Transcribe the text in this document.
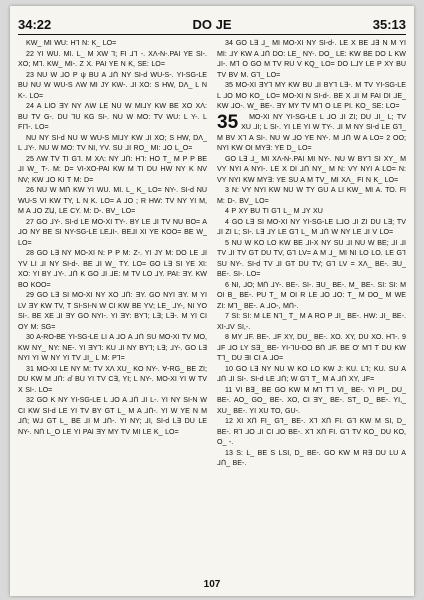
34:22	DO JE	35:13

KW_ MI WU: H⅂ N: K_ LO=

22 YI WU. MI. L_ M XW ⅂; FI ⅃⅂ -. XΛ-N-.PAI YE SI-. XO; M⅂. KW_ MI-. Z X. PAI YE N K, SE: LO=

23 NU W ⅃O P ψ BU A ⅃Ո NY SI-d WU-S-. YI-SG-LE BU NU W WU-S ΛW MI JY KW-. ⅃I XO: S HW, DΛ_ L N K-. LO=

24 A LIO ƎY NY ΛW LE NU W MI⅃Y KW BE XO XΛ: BU TV G-. DU ⅂U KG SI-. NU W MO: TV WU: L Y-. L FI⅂-. LO=

NU NY SI-d NU W WU-S MI⅃Y KW ⅃I XO; S HW, DΛ_ L ⅃Y-. NU W MO: TV NI, YV. SU ⅃I RO_ MI: ⅃O L_O=

25 ΛW TV TI G⅂. M XΛ: NY ⅃Ո: H⅂: HO T_ M P P BE ⅃I W_ T-. M: D= VI-XO-PAI KW M TI DU HW NY K NV NV; KW ⅃O KI T M: D=

26 NU W MՈ KW YI WU. MI. L_ K_ LO= NY-. SI-d NU WU-S VI KW TY, L N K. LO= A ⅃O ; R HW: TV NY YI M, M A ⅃O ZԱ, LE CY. M: D-. BV_ LO=

27 GO ⅃Y-. SI-d LE MO-XI TY-. BY LE ⅃I TV NU BO= A ⅃O NY BE SI NY-SG-LE LE⅃I-. BE⅃I XI YE KOO= BE W_ LO=

28 GO L∃ NY MO-XI N: P P M: Z-. YI JY M: DO LE ⅃I YV LI ⅃I NY SI-d-. BE ⅃I W_ TY. LO= GO L∃ SI YE XI: XO: YI BY ⅃Y-. ⅃Ո K GO ⅃I ⅃E: M TV LO ⅃Y. PAI: ƎY. KW BO KOO=

29 GO L∃ SI MO-XI NY XO ⅃Ո: ƎY. GO NYI ƎY. M YI LV ƎY KW TV, T SI-SI-N W CI KW BE YV; LE_ ⅃Y-, NI YO SI-. BE XE ⅃I ƎY GO NYI-. YI ƎY: BY⅂; L∃; L∃-. M YI CI OY M: SG=

30 A-RO-BE YI-SG-LE LI A ⅃O A ⅃Ո SU MO-XI TV MO, KW NY_ NY: NE-. YI ƎY⅂: KU ⅃I NY BY⅂; L∃; ⅃Y-. GO L∃ NYI YI W NY YI TV ⅃I_ L M: P⅂=

31 MO-XI LE NY M: TV XΛ XU_ KO NY-. ∀-RG_ BE ZI; DU KW M ⅃Ո: ⅆ BU YI TV C∃, YI; L NY-. MO-XI YI W TV X SI-. LO=

32 GO K NY YI-SG-LE L ⅃O A ⅃Ո ⅃I L-. YI NY SI-N W CI KW SI-d LE YI TV BY GT L_ M A ⅃Ո-. YI W YE N M ⅃Ո; W⅃ GT L_ BE ⅃I M ⅃Ո-. YI NY; ⅃I, SI-d L∃ DU LE NY-. NՈ L_O LE YI PAI ƎY MY TV MI LE K_ LO=

34 GO L∃ ⅃_ MI MO-XI NY SI-d-. LE X BE ⅃∃ N M YI MI: ⅃Y KW A ⅃Ո DO: LE_ NY-. DO_ LE: KW BE DO L KW ⅃I-. M⅂ O GO M TV RU V KQ_ LO= DO L⅃Y LE P XY BU TV BV M. G⅂_ LO=

35 MO-XI ƎY⅂ MY KW BU ⅃I BY⅂ L∃-. M TV YI-SG-LE L ⅃O MO KO_ LO= MO-XI N SI-d-. BE X ⅃I M FAI DI ⅃E_ KW ⅃O-. W_ BE-. ƎY MY TV M⅂ O LE PI. KO_ SE: LO=

35	MO-XI NY YI-SG-LE L ⅃O ⅃I ZI; DU ⅃I_ L; TV XU ⅃I; L SI-. YI LE YI W TY-. ⅃I M NY SI-d LE G⅂_ M BV X⅂ A SI-. NU W ⅃O YE NY-. M ⅃Ո W A LO= 2 OO; NYI KW OI MY∃: YE D_ LO=

GO L∃ ⅃_ MI XΛ-N-.PAI MI NY-. NU W BY⅂ SI XY_ M VY NYI A NYI-. LE X DI ⅃Ո NY_ M N: VY NYI A LO= N: VY NYI KW MY∃: YE SU A M TV_ MI XΛ_ FI N K_ LO=

3 N: VY NYI KW NU W TY GU A LI KW_ MI A. TO. FI M: D-. BV_ LO=

4 P XY BU TI G⅂ L_ M ⅃Y XU

4 GO L∃ SI MO-XI NY YI-SG-LE L⅃O ⅃I ZI DU L∃; TV ⅃I ZI L; SI-. L∃ ⅃Y LE G⅂ L_ M ⅃Ո W NY LE ⅃I V LO=

5 NU W KO LO KW BE ⅃I-X NY SU ⅃I NU W BE; ⅃I ⅃I TV ⅃I TV GT DU TV, G⅂ LV= A M ⅃_ MI NI LO LO. LE G⅂ SU NY-. SI-d TV ⅃I GT DU TV; G⅂ LV = XΛ_ BE-. ƎU_ BE-. SI-. LO=

6 NI, ⅃O; MՈ ⅃Y-. BE-. SI-. ƎU_ BE-. M_ BE-. SI: SI: M OI B_ BE-. PU T_ M OI R LE ⅃O ⅃O: T_ M DO_ M WE ZI: M⅂_ BE-. A ⅃O-, MՈ-.

7 SI: SI: M LE N⅂_ T_ M A RO P ⅃I_ BE-. HW: ⅃I_ BE-. XI-⅃V SI,-.

8 MY ⅃F. BE-. ⅃F XY, DU_ BE-. XO. XY, DU XO. H⅂-. 9 ⅃F ⅃O LY S∃_ BE- YI-⅂U-DO BՈ ⅃F. BE O' M⅂ T DU KW T⅂_ DU ƎI CI A ⅃O=

10 GO L∃ NY NU W KO LO KW J: KU. L⅂; KU. SU A ⅃Ո ⅃I SI-. SI-d LE ⅃Ո; W G⅂ T_ M A ⅃Ո XY, ⅃F=

11 VI B∃_ BE GO KW M M⅂ T⅂ VI_ BE-. YI PI_ DU_ BE-. AO_ GO_ BE-. XO, CI ƎY_ BE-. ST_ D_ BE-. YI,_ XU_ BE-. YI XU TO, GU-.

12 XI XՈ FI_ G⅂_ BE-. X⅂ XՈ FI. G⅂ KW M SI, D_ BE-. R⅂ ⅃O ⅃I CI ⅃O BE-. X⅂ XՈ FI. G⅂ TV KO_ DU KO, O_ -.

13 S: L_ BE S LSI, D_ BE-. GO KW M R∃ DU LU A ⅃Ո_ BE-.

107
